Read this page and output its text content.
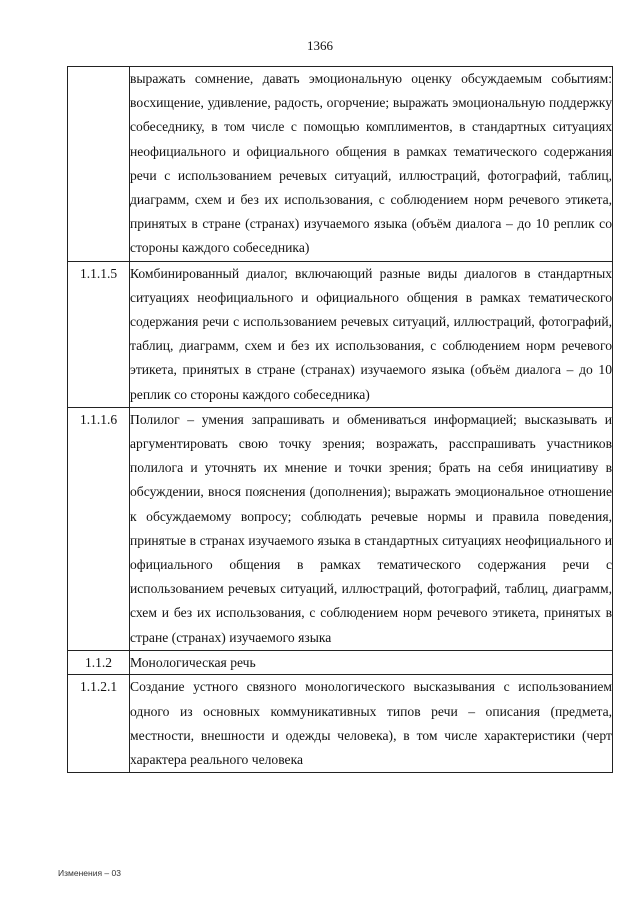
1366
	выражать сомнение, давать эмоциональную оценку обсуждаемым событиям: восхищение, удивление, радость, огорчение; выражать эмоциональную поддержку собеседнику, в том числе с помощью комплиментов, в стандартных ситуациях неофициального и официального общения в рамках тематического содержания речи с использованием речевых ситуаций, иллюстраций, фотографий, таблиц, диаграмм, схем и без их использования, с соблюдением норм речевого этикета, принятых в стране (странах) изучаемого языка (объём диалога – до 10 реплик со стороны каждого собеседника)
1.1.1.5	Комбинированный диалог, включающий разные виды диалогов в стандартных ситуациях неофициального и официального общения в рамках тематического содержания речи с использованием речевых ситуаций, иллюстраций, фотографий, таблиц, диаграмм, схем и без их использования, с соблюдением норм речевого этикета, принятых в стране (странах) изучаемого языка (объём диалога – до 10 реплик со стороны каждого собеседника)
1.1.1.6	Полилог – умения запрашивать и обмениваться информацией; высказывать и аргументировать свою точку зрения; возражать, расспрашивать участников полилога и уточнять их мнение и точки зрения; брать на себя инициативу в обсуждении, внося пояснения (дополнения); выражать эмоциональное отношение к обсуждаемому вопросу; соблюдать речевые нормы и правила поведения, принятые в странах изучаемого языка в стандартных ситуациях неофициального и официального общения в рамках тематического содержания речи с использованием речевых ситуаций, иллюстраций, фотографий, таблиц, диаграмм, схем и без их использования, с соблюдением норм речевого этикета, принятых в стране (странах) изучаемого языка
1.1.2	Монологическая речь
1.1.2.1	Создание устного связного монологического высказывания с использованием одного из основных коммуникативных типов речи – описания (предмета, местности, внешности и одежды человека), в том числе характеристики (черт характера реального человека
Изменения – 03
